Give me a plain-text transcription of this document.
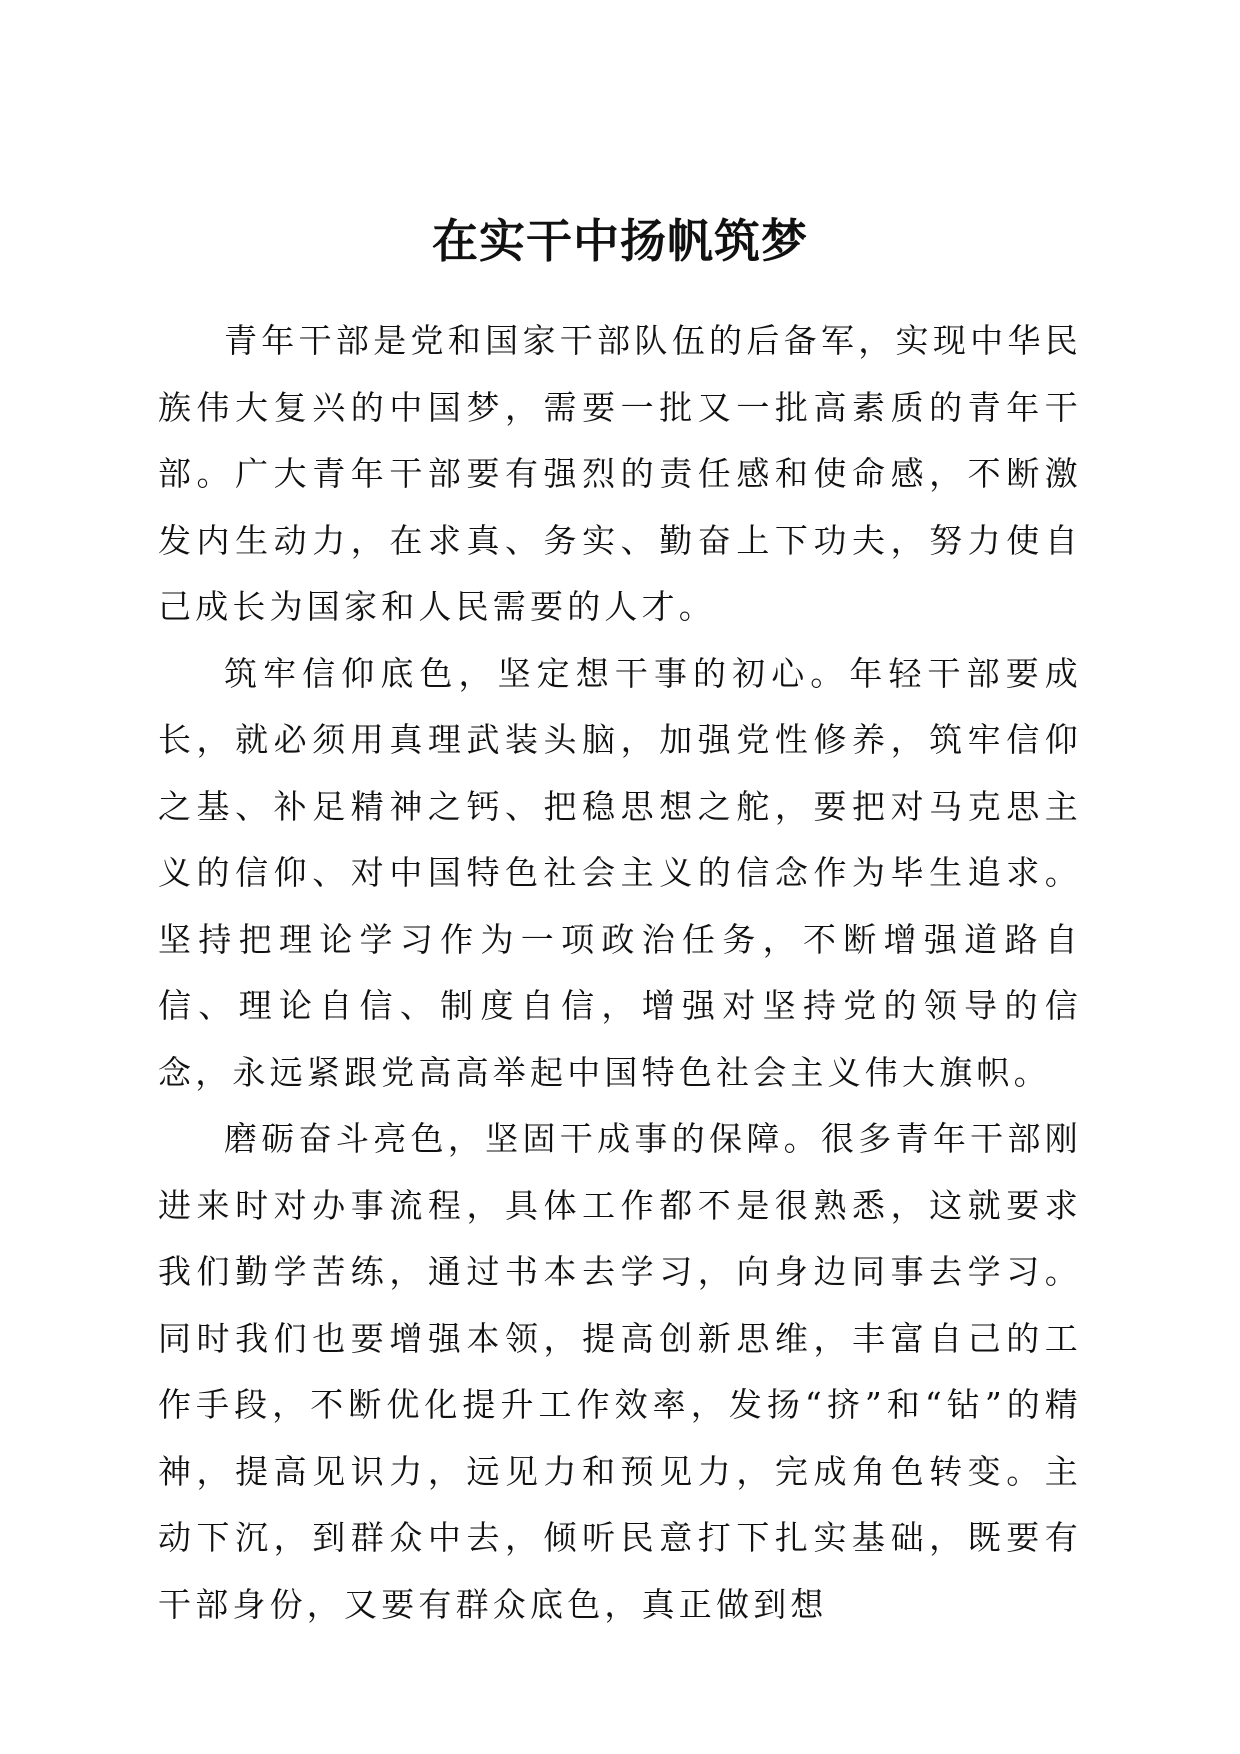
在实干中扬帆筑梦

青年干部是党和国家干部队伍的后备军，实现中华民族伟大复兴的中国梦，需要一批又一批高素质的青年干部。广大青年干部要有强烈的责任感和使命感，不断激发内生动力，在求真、务实、勤奋上下功夫，努力使自己成长为国家和人民需要的人才。

筑牢信仰底色，坚定想干事的初心。年轻干部要成长，就必须用真理武装头脑，加强党性修养，筑牢信仰之基、补足精神之钙、把稳思想之舵，要把对马克思主义的信仰、对中国特色社会主义的信念作为毕生追求。坚持把理论学习作为一项政治任务，不断增强道路自信、理论自信、制度自信，增强对坚持党的领导的信念，永远紧跟党高高举起中国特色社会主义伟大旗帜。

磨砺奋斗亮色，坚固干成事的保障。很多青年干部刚进来时对办事流程，具体工作都不是很熟悉，这就要求我们勤学苦练，通过书本去学习，向身边同事去学习。同时我们也要增强本领，提高创新思维，丰富自己的工作手段，不断优化提升工作效率，发扬“挤”和“钻”的精神，提高见识力，远见力和预见力，完成角色转变。主动下沉，到群众中去，倾听民意打下扎实基础，既要有干部身份，又要有群众底色，真正做到想
